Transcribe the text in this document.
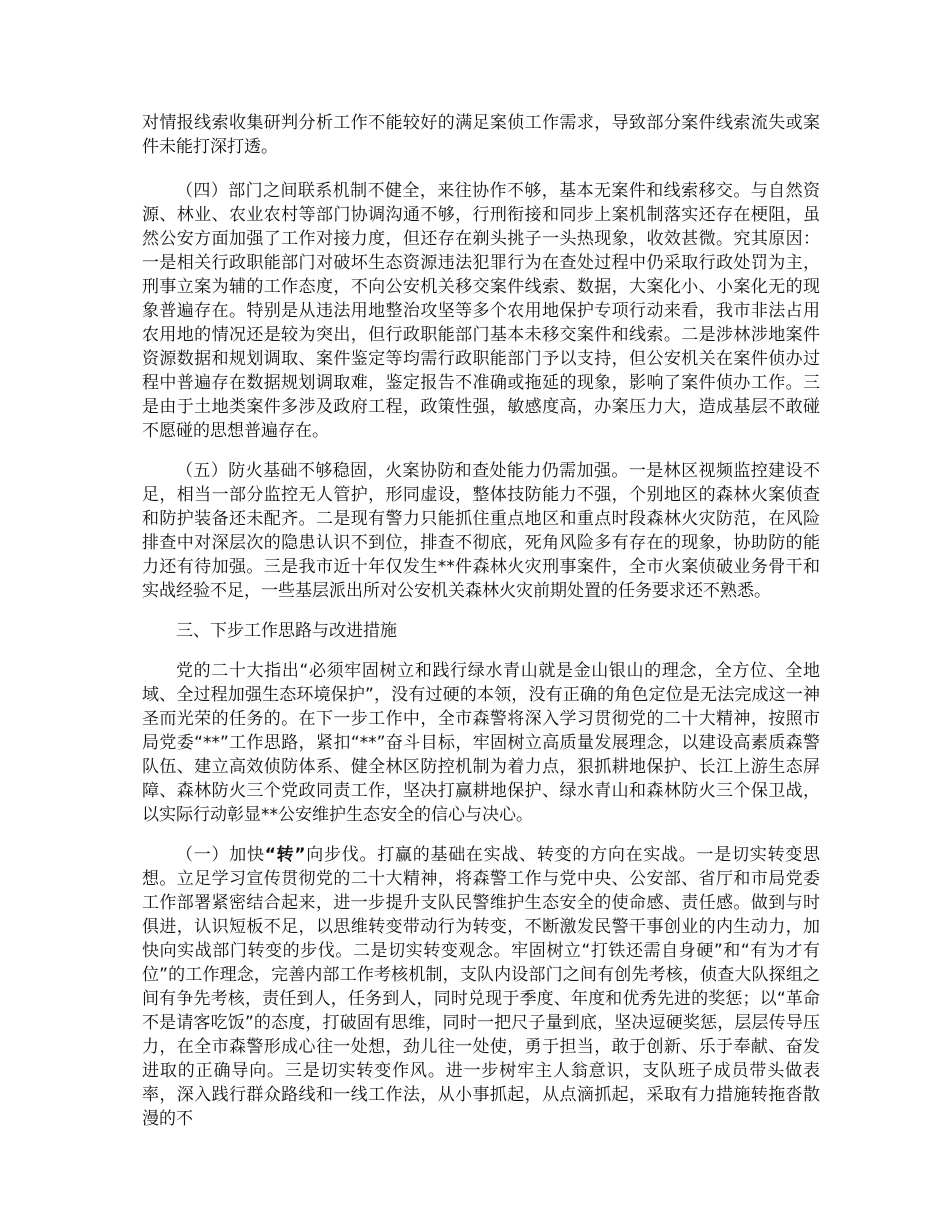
对情报线索收集研判分析工作不能较好的满足案侦工作需求，导致部分案件线索流失或案件未能打深打透。

（四）部门之间联系机制不健全，来往协作不够，基本无案件和线索移交。与自然资源、林业、农业农村等部门协调沟通不够，行刑衔接和同步上案机制落实还存在梗阻，虽然公安方面加强了工作对接力度，但还存在剃头挑子一头热现象，收效甚微。究其原因：一是相关行政职能部门对破坏生态资源违法犯罪行为在查处过程中仍采取行政处罚为主，刑事立案为辅的工作态度，不向公安机关移交案件线索、数据，大案化小、小案化无的现象普遍存在。特别是从违法用地整治攻坚等多个农用地保护专项行动来看，我市非法占用农用地的情况还是较为突出，但行政职能部门基本未移交案件和线索。二是涉林涉地案件资源数据和规划调取、案件鉴定等均需行政职能部门予以支持，但公安机关在案件侦办过程中普遍存在数据规划调取难，鉴定报告不准确或拖延的现象，影响了案件侦办工作。三是由于土地类案件多涉及政府工程，政策性强，敏感度高，办案压力大，造成基层不敢碰不愿碰的思想普遍存在。

（五）防火基础不够稳固，火案协防和查处能力仍需加强。一是林区视频监控建设不足，相当一部分监控无人管护，形同虚设，整体技防能力不强，个别地区的森林火案侦查和防护装备还未配齐。二是现有警力只能抓住重点地区和重点时段森林火灾防范，在风险排查中对深层次的隐患认识不到位，排查不彻底，死角风险多有存在的现象，协助防的能力还有待加强。三是我市近十年仅发生**件森林火灾刑事案件，全市火案侦破业务骨干和实战经验不足，一些基层派出所对公安机关森林火灾前期处置的任务要求还不熟悉。

三、下步工作思路与改进措施

党的二十大指出“必须牢固树立和践行绿水青山就是金山银山的理念，全方位、全地域、全过程加强生态环境保护”，没有过硬的本领，没有正确的角色定位是无法完成这一神圣而光荣的任务的。在下一步工作中，全市森警将深入学习贯彻党的二十大精神，按照市局党委“**”工作思路，紧扣“**”奋斗目标，牢固树立高质量发展理念，以建设高素质森警队伍、建立高效侦防体系、健全林区防控机制为着力点，狠抓耕地保护、长江上游生态屏障、森林防火三个党政同责工作，坚决打赢耕地保护、绿水青山和森林防火三个保卫战，以实际行动彰显**公安维护生态安全的信心与决心。

（一）加快“转”向步伐。打赢的基础在实战、转变的方向在实战。一是切实转变思想。立足学习宣传贯彻党的二十大精神，将森警工作与党中央、公安部、省厅和市局党委工作部署紧密结合起来，进一步提升支队民警维护生态安全的使命感、责任感。做到与时俱进，认识短板不足，以思维转变带动行为转变，不断激发民警干事创业的内生动力，加快向实战部门转变的步伐。二是切实转变观念。牢固树立“打铁还需自身硬”和“有为才有位”的工作理念，完善内部工作考核机制，支队内设部门之间有创先考核，侦查大队探组之间有争先考核，责任到人，任务到人，同时兑现于季度、年度和优秀先进的奖惩；以“革命不是请客吃饭”的态度，打破固有思维，同时一把尺子量到底，坚决逗硬奖惩，层层传导压力，在全市森警形成心往一处想，劲儿往一处使，勇于担当，敢于创新、乐于奉献、奋发进取的正确导向。三是切实转变作风。进一步树牢主人翁意识，支队班子成员带头做表率，深入践行群众路线和一线工作法，从小事抓起，从点滴抓起，采取有力措施转拖沓散漫的不
